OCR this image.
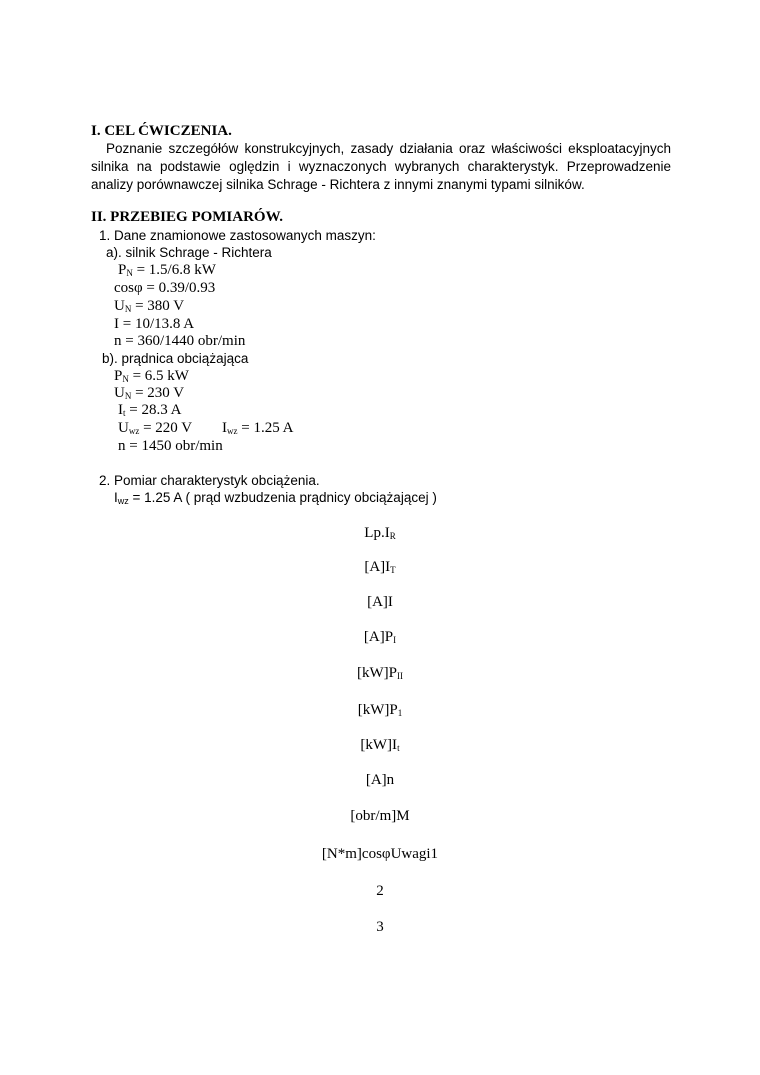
I. CEL ĆWICZENIA.
Poznanie szczegółów konstrukcyjnych, zasady działania oraz właściwości eksploatacyjnych silnika na podstawie oględzin i wyznaczonych wybranych charakterystyk. Przeprowadzenie analizy porównawczej silnika Schrage - Richtera z innymi znanymi typami silników.
II. PRZEBIEG POMIARÓW.
1. Dane znamionowe zastosowanych maszyn:
a). silnik Schrage - Richtera
$P_N = 1.5/6.8$ kW
cosφ = 0.39/0.93
$U_N = 380$ V
I = 10/13.8 A
n = 360/1440 obr/min
b). prądnica obciążająca
$P_N = 6.5$ kW
$U_N = 230$ V
$I_t = 28.3$ A
$U_{wz} = 220$ V $I_{wz} = 1.25$ A
n = 1450 obr/min
2. Pomiar charakterystyk obciążenia.
$I_{wz} = 1.25$ A ( prąd wzbudzenia prądnicy obciążającej )
$Lp.I_R$
$[A]I_T$
[A]I
$[A]P_I$
$[kW]P_{II}$
$[kW]P_1$
$[kW]I_t$
[A]n
[obr/m]M
[N*m]cosφUwagi1
2
3
